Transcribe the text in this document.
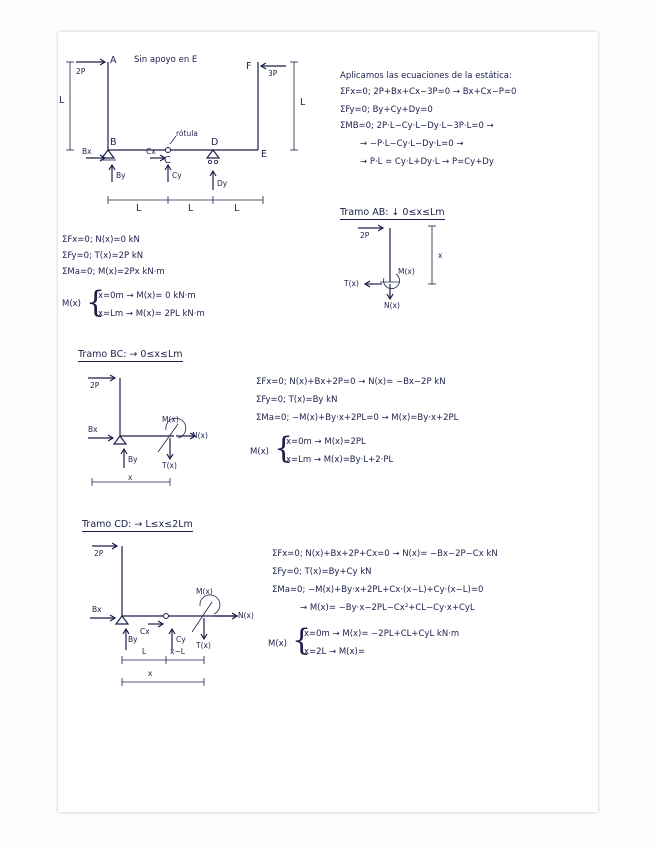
Sin apoyo en E
A
B
C
D
E
F
rótula
2P	3P
Bx
By
Cx
Cy
Dy
L	L
L	L	L
Aplicamos las ecuaciones de la estática:
ΣFx=0; 2P+Bx+Cx−3P=0 → Bx+Cx−P=0
ΣFy=0; By+Cy+Dy=0
ΣMB=0; 2P·L−Cy·L−Dy·L−3P·L=0 →
→ −P·L−Cy·L−Dy·L=0 →
→ P·L = Cy·L+Dy·L → P=Cy+Dy
Tramo AB: ↓ 0≤x≤Lm
2P
M(x)
T(x)
N(x)
x
ΣFx=0; N(x)=0 kN
ΣFy=0; T(x)=2P kN
ΣMa=0; M(x)=2Px kN·m
M(x) {
x=0m → M(x)= 0 kN·m
x=Lm → M(x)= 2PL kN·m
Tramo BC: → 0≤x≤Lm
2P
Bx
By
M(x)
N(x)
T(x)
x
ΣFx=0; N(x)+Bx+2P=0 → N(x)= −Bx−2P kN
ΣFy=0; T(x)=By kN
ΣMa=0; −M(x)+By·x+2PL=0 → M(x)=By·x+2PL
M(x) {
x=0m → M(x)=2PL
x=Lm → M(x)=By·L+2·PL
Tramo CD: → L≤x≤2Lm
2P
Bx
By
Cx
Cy
M(x)
N(x)
T(x)
L	x−L
x
ΣFx=0; N(x)+Bx+2P+Cx=0 → N(x)= −Bx−2P−Cx kN
ΣFy=0; T(x)=By+Cy kN
ΣMa=0; −M(x)+By·x+2PL+Cx·(x−L)+Cy·(x−L)=0
→ M(x)= −By·x−2PL−Cx²+CL−Cy·x+CyL
M(x) {
x=0m → M(x)= −2PL+CL+CyL kN·m
x=2L → M(x)=
